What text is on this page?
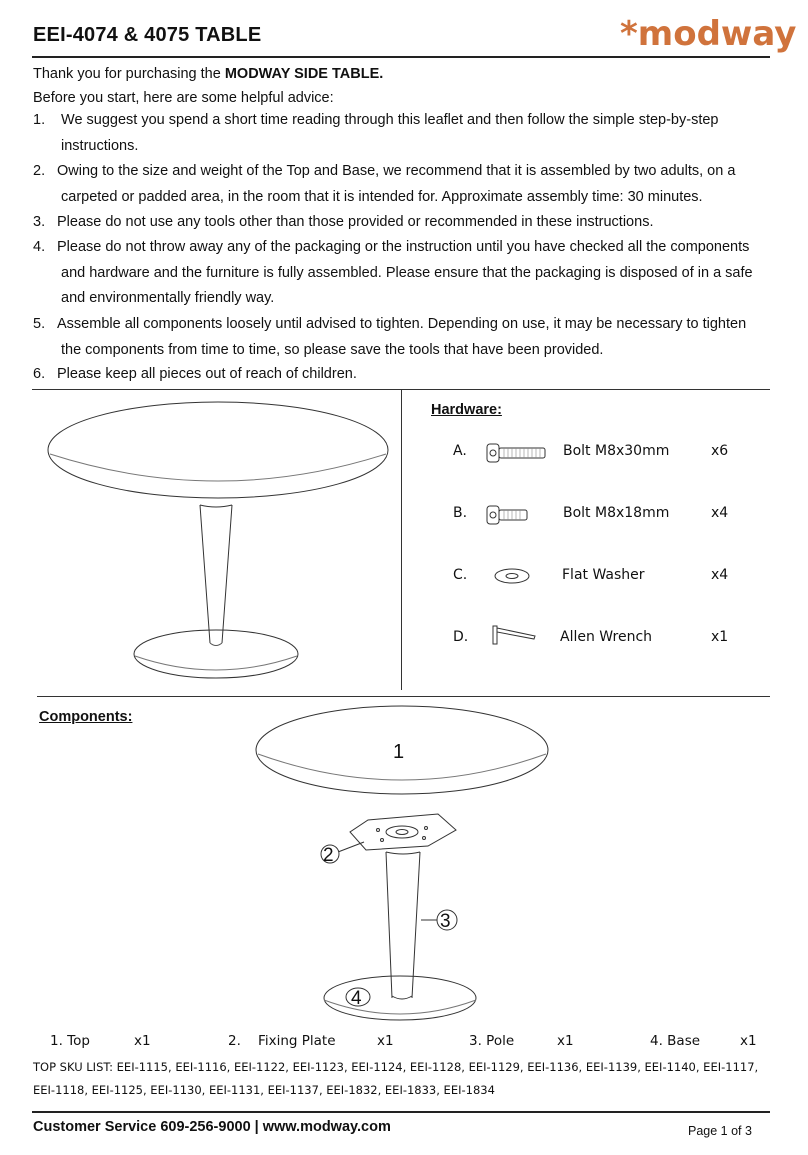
EEI-4074 & 4075 TABLE	*modway
Thank you for purchasing the MODWAY SIDE TABLE.
Before you start, here are some helpful advice:
1. We suggest you spend a short time reading through this leaflet and then follow the simple step-by-step
instructions.
2. Owing to the size and weight of the Top and Base, we recommend that it is assembled by two adults, on a
carpeted or padded area, in the room that it is intended for. Approximate assembly time: 30 minutes.
3. Please do not use any tools other than those provided or recommended in these instructions.
4. Please do not throw away any of the packaging or the instruction until you have checked all the components
and hardware and the furniture is fully assembled. Please ensure that the packaging is disposed of in a safe
and environmentally friendly way.
5. Assemble all components loosely until advised to tighten. Depending on use, it may be necessary to tighten
the components from time to time, so please save the tools that have been provided.
6. Please keep all pieces out of reach of children.
Hardware:
A.	Bolt M8x30mm	x6
B.	Bolt M8x18mm	x4
C.	Flat Washer	x4
D.	Allen Wrench	x1
Components:
1
2
3
4
1. Top	x1	2.    Fixing Plate	x1	3. Pole	x1	4. Base	x1
TOP SKU LIST: EEI-1115, EEI-1116, EEI-1122, EEI-1123, EEI-1124, EEI-1128, EEI-1129, EEI-1136, EEI-1139, EEI-1140, EEI-1117,
EEI-1118, EEI-1125, EEI-1130, EEI-1131, EEI-1137, EEI-1832, EEI-1833, EEI-1834
Customer Service 609-256-9000 | www.modway.com	Page 1 of 3
